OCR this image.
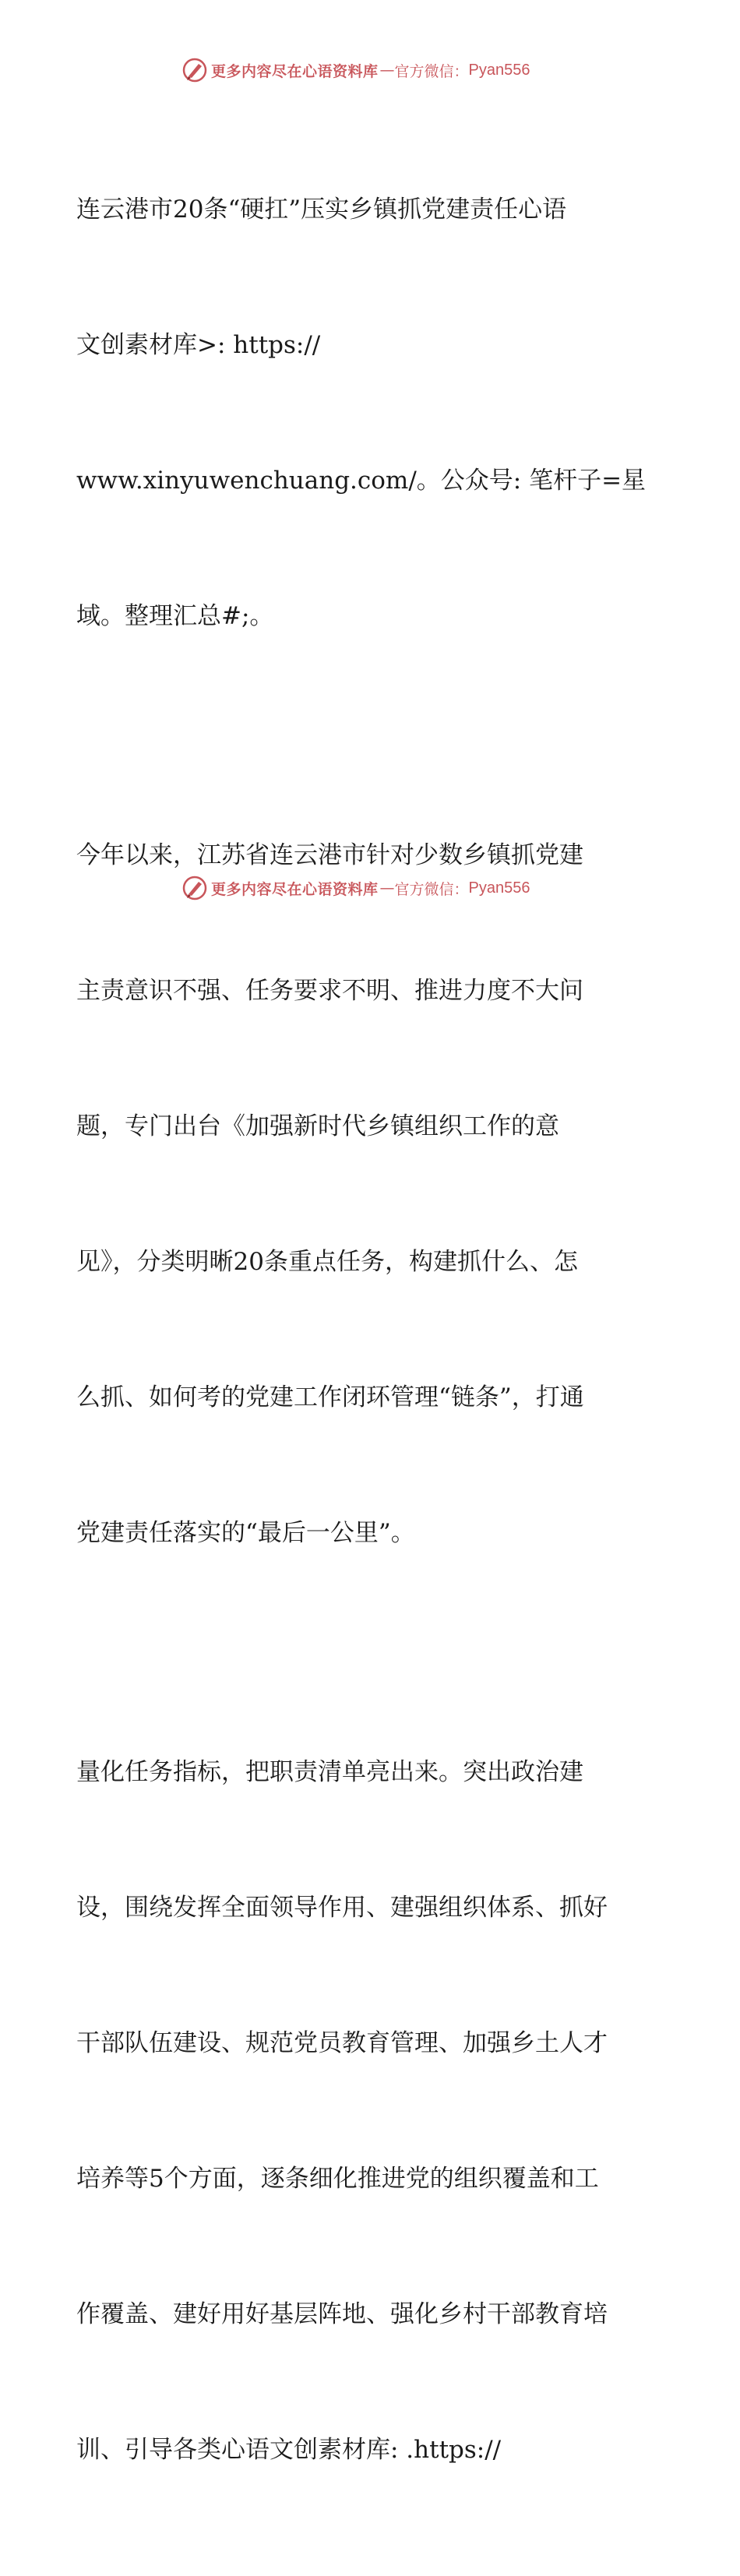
更多内容尽在心语资料库 — 官方微信： Pyan556

连云港市20条“硬扛”压实乡镇抓党建责任心语

文创素材库>: https://

www.xinyuwenchuang.com/。公众号: 笔杆子=星

域。整理汇总#;。

今年以来，江苏省连云港市针对少数乡镇抓党建

主责意识不强、任务要求不明、推进力度不大问

题，专门出台《加强新时代乡镇组织工作的意

见》，分类明晰20条重点任务，构建抓什么、怎

么抓、如何考的党建工作闭环管理“链条”，打通

党建责任落实的“最后一公里”。

量化任务指标，把职责清单亮出来。突出政治建

设，围绕发挥全面领导作用、建强组织体系、抓好

干部队伍建设、规范党员教育管理、加强乡土人才

培养等5个方面，逐条细化推进党的组织覆盖和工

作覆盖、建好用好基层阵地、强化乡村干部教育培

训、引导各类心语文创素材库: .https://

更多内容尽在心语资料库 — 官方微信： Pyan556
